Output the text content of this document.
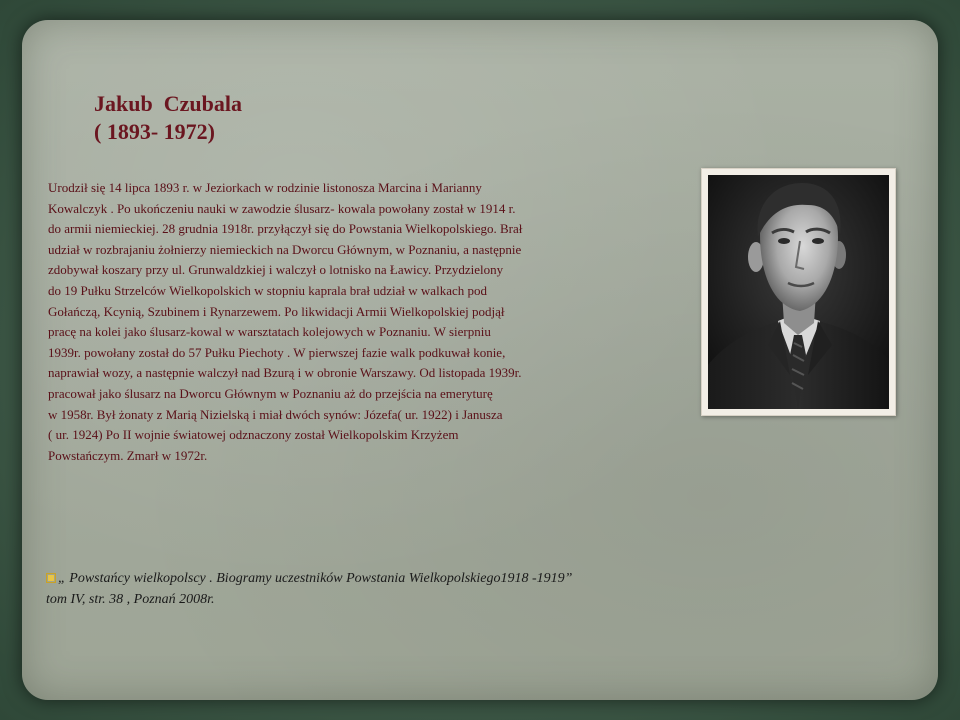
Jakub  Czubala
( 1893- 1972)
Urodził się 14 lipca 1893 r. w Jeziorkach w rodzinie listonosza Marcina i Marianny
Kowalczyk . Po ukończeniu nauki w zawodzie ślusarz- kowala powołany został w 1914 r.
do armii niemieckiej. 28 grudnia 1918r. przyłączył się do Powstania Wielkopolskiego. Brał
udział w rozbrajaniu żołnierzy niemieckich na Dworcu Głównym, w Poznaniu, a następnie
zdobywał koszary przy ul. Grunwaldzkiej i walczył o lotnisko na Ławicy. Przydzielony
do 19 Pułku Strzelców Wielkopolskich w stopniu kaprala brał udział w walkach pod
Gołańczą, Kcynią, Szubinem i Rynarzewem. Po likwidacji Armii Wielkopolskiej podjął
pracę na kolei jako ślusarz-kowal w warsztatach kolejowych w Poznaniu. W sierpniu
1939r. powołany został do 57 Pułku Piechoty . W pierwszej fazie walk podkuwał konie,
naprawiał wozy, a następnie walczył nad Bzurą i w obronie Warszawy. Od listopada 1939r.
pracował jako ślusarz na Dworcu Głównym w Poznaniu aż do przejścia na emeryturę
w 1958r. Był żonaty z Marią Nizielską i miał dwóch synów: Józefa( ur. 1922) i Janusza
( ur. 1924) Po II wojnie światowej odznaczony został Wielkopolskim Krzyżem
Powstańczym. Zmarł w 1972r.
„ Powstańcy wielkopolscy . Biogramy uczestników Powstania Wielkopolskiego1918 -1919”
tom IV, str. 38 , Poznań 2008r.
